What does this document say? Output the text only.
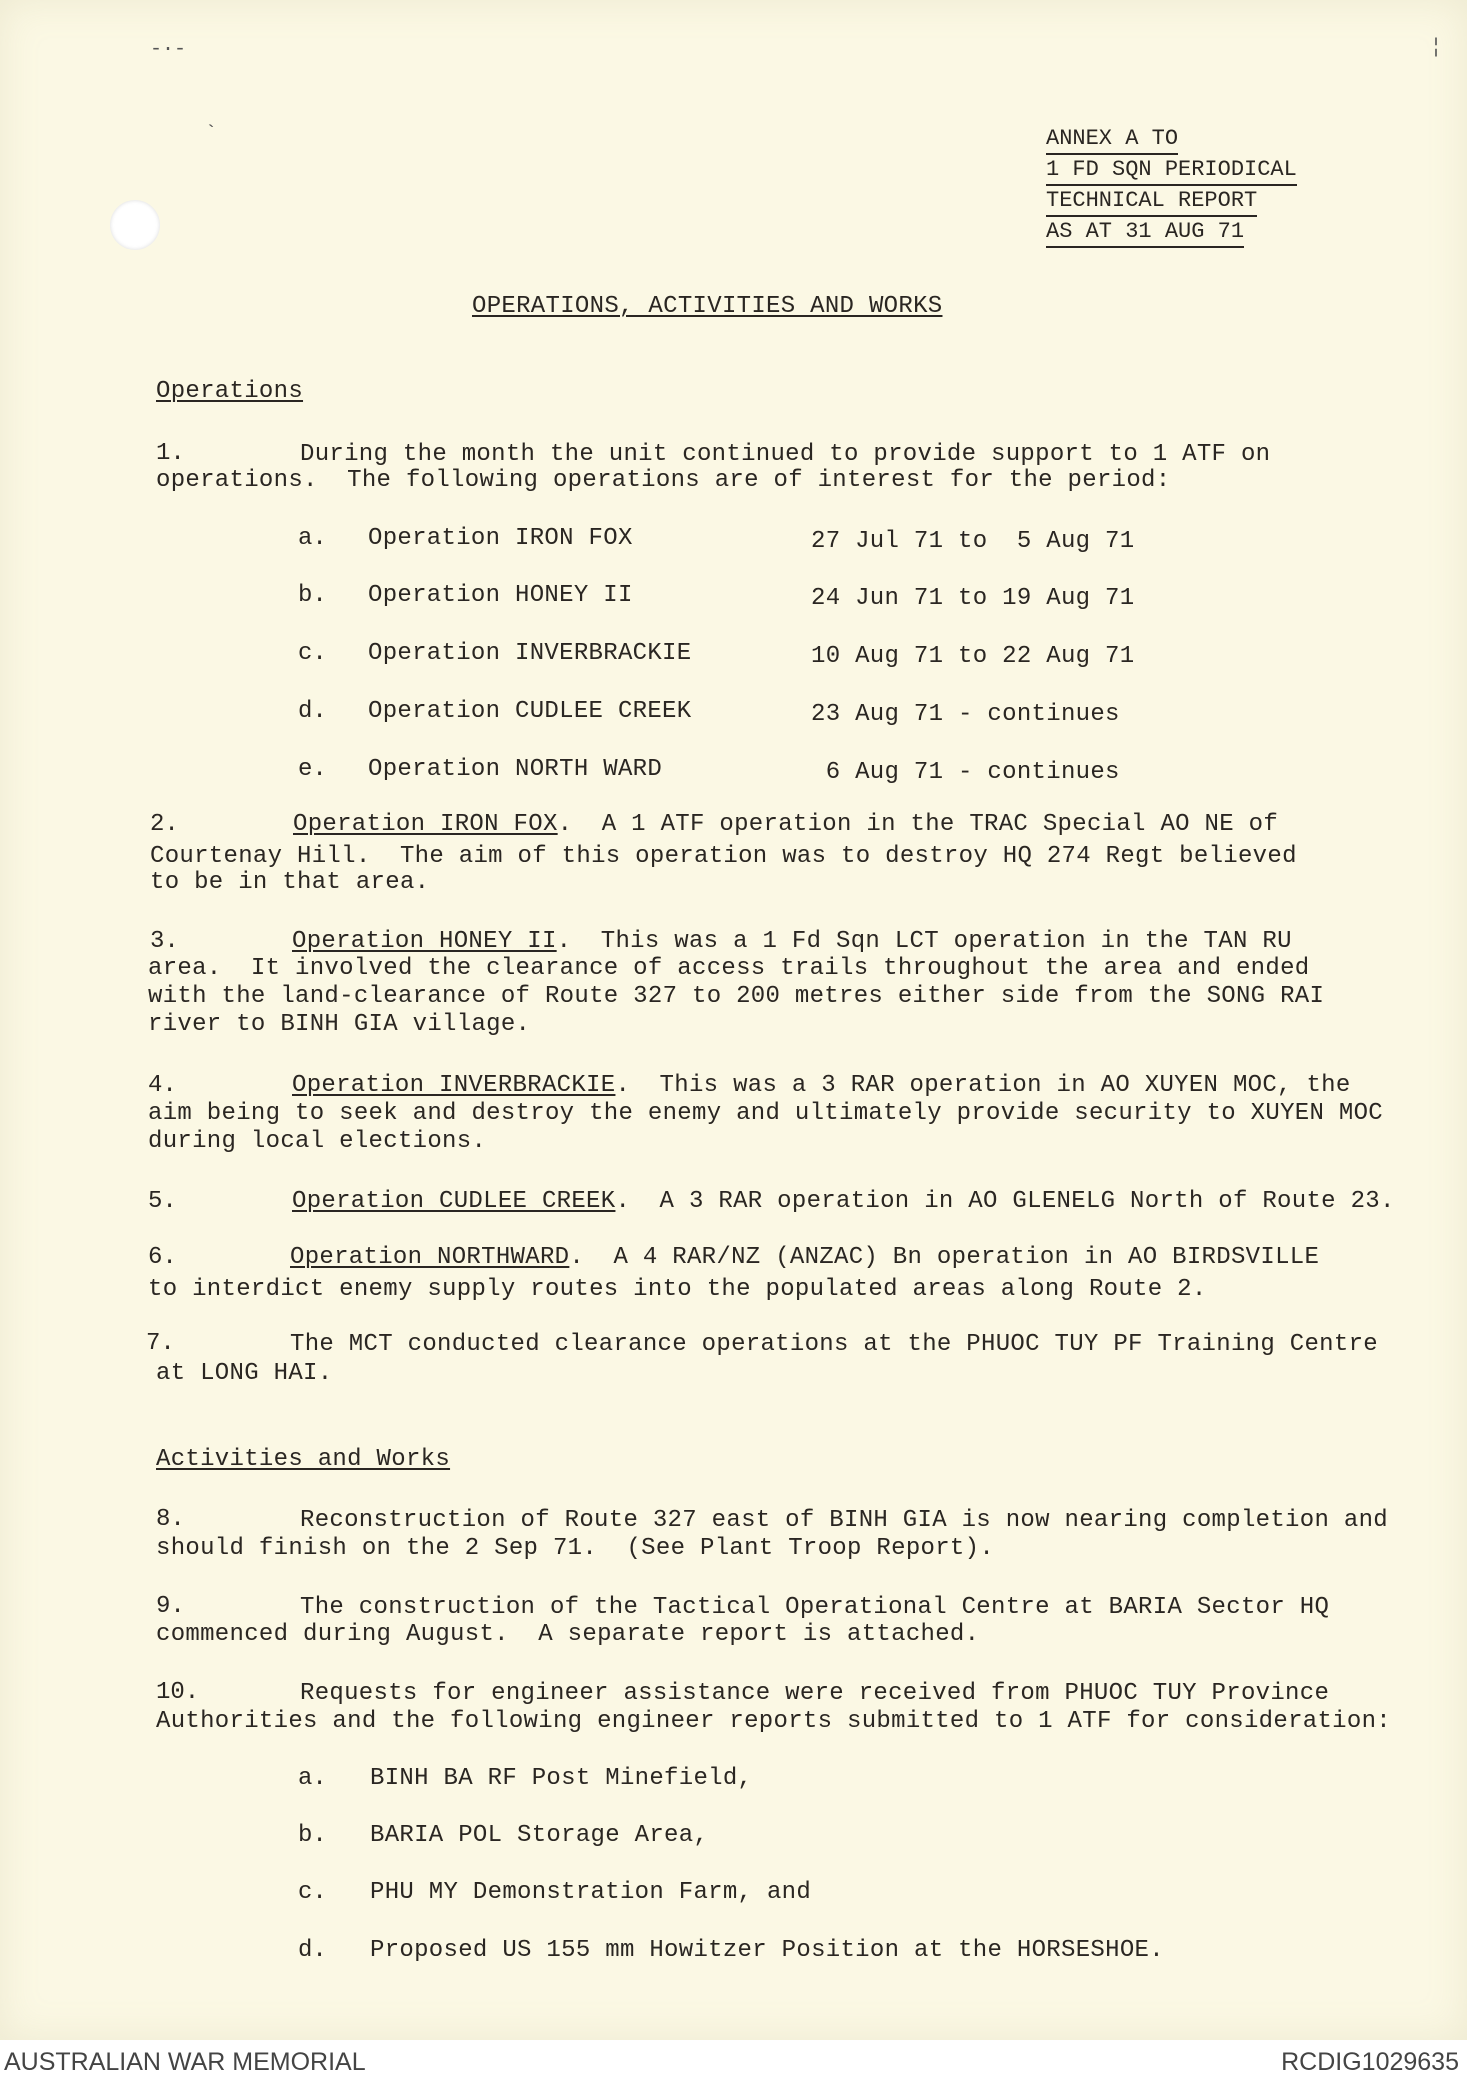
-·-
`
¦
ANNEX A TO
1 FD SQN PERIODICAL
TECHNICAL REPORT
AS AT 31 AUG 71
OPERATIONS, ACTIVITIES AND WORKS
Operations
1.	During the month the unit continued to provide support to 1 ATF on
operations.  The following operations are of interest for the period:
a. Operation IRON FOX	27 Jul 71 to  5 Aug 71
b. Operation HONEY II	24 Jun 71 to 19 Aug 71
c. Operation INVERBRACKIE	10 Aug 71 to 22 Aug 71
d. Operation CUDLEE CREEK	23 Aug 71 - continues
e. Operation NORTH WARD	6 Aug 71 - continues
2.	Operation IRON FOX.  A 1 ATF operation in the TRAC Special AO NE of
Courtenay Hill.  The aim of this operation was to destroy HQ 274 Regt believed
to be in that area.
3.	Operation HONEY II.  This was a 1 Fd Sqn LCT operation in the TAN RU
area.  It involved the clearance of access trails throughout the area and ended
with the land-clearance of Route 327 to 200 metres either side from the SONG RAI
river to BINH GIA village.
4.	Operation INVERBRACKIE.  This was a 3 RAR operation in AO XUYEN MOC, the
aim being to seek and destroy the enemy and ultimately provide security to XUYEN MOC
during local elections.
5.	Operation CUDLEE CREEK.  A 3 RAR operation in AO GLENELG North of Route 23.
6.	Operation NORTHWARD.  A 4 RAR/NZ (ANZAC) Bn operation in AO BIRDSVILLE
to interdict enemy supply routes into the populated areas along Route 2.
7.	The MCT conducted clearance operations at the PHUOC TUY PF Training Centre
at LONG HAI.
Activities and Works
8.	Reconstruction of Route 327 east of BINH GIA is now nearing completion and
should finish on the 2 Sep 71.  (See Plant Troop Report).
9.	The construction of the Tactical Operational Centre at BARIA Sector HQ
commenced during August.  A separate report is attached.
10.	Requests for engineer assistance were received from PHUOC TUY Province
Authorities and the following engineer reports submitted to 1 ATF for consideration:
a. BINH BA RF Post Minefield,
b. BARIA POL Storage Area,
c. PHU MY Demonstration Farm, and
d. Proposed US 155 mm Howitzer Position at the HORSESHOE.
AUSTRALIAN WAR MEMORIAL	RCDIG1029635
